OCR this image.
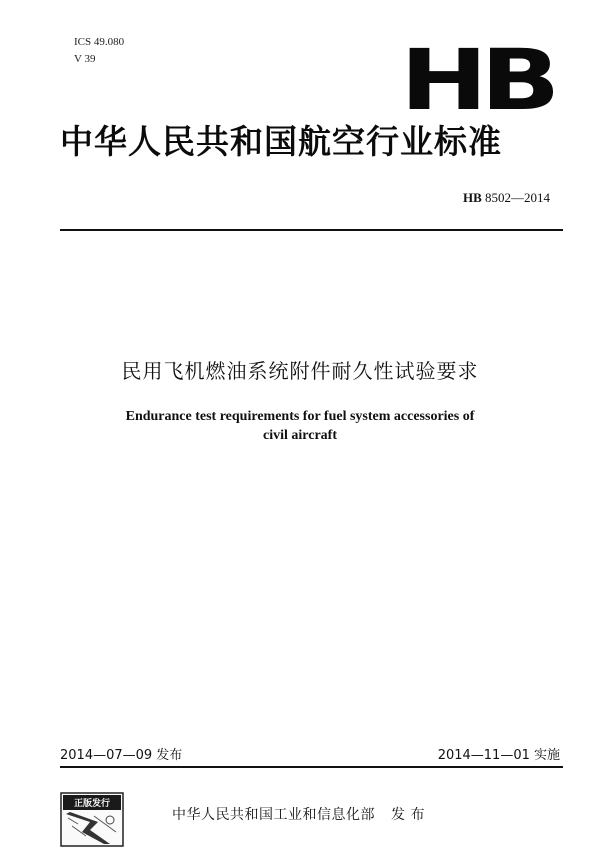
ICS 49.080
V 39	HB
中华人民共和国航空行业标准
HB 8502—2014
民用飞机燃油系统附件耐久性试验要求
Endurance test requirements for fuel system accessories of
civil aircraft
2014—07—09 发布	2014—11—01 实施
正版发行
中华人民共和国工业和信息化部 发 布
